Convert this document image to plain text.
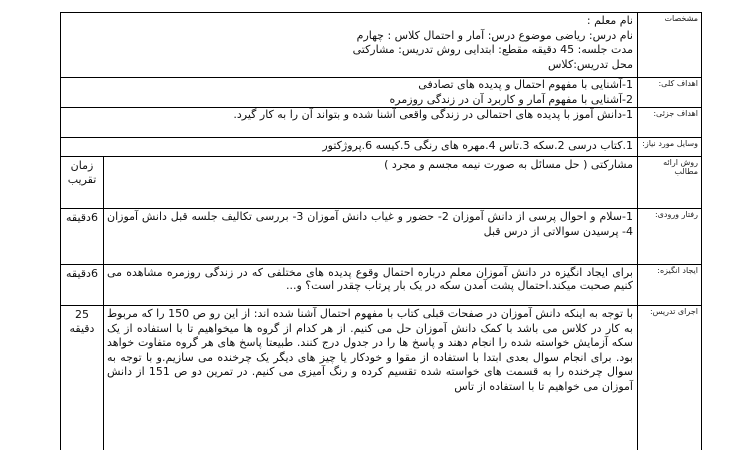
مشخصات
اهداف کلی:
اهداف جزئی:
وسایل مورد نیاز:
روش ارائه مطالب
رفتار ورودی:
ایجاد انگیزه:
اجرای تدریس:
نام معلم :
نام درس: ریاضی موضوع درس: آمار و احتمال کلاس : چهارم
مدت جلسه: 45 دقیقه مقطع: ابتدایی روش تدریس: مشارکتی
محل تدریس:کلاس
1-آشنایی با مفهوم احتمال و پدیده های تصادفی
2-آشنایی با مفهوم آمار و کاربرد آن در زندگی روزمره
1-دانش آموز با پدیده های احتمالی در زندگی واقعی آشنا شده و بتواند آن را به کار گیرد.
1.کتاب درسی 2.سکه 3.تاس 4.مهره های رنگی 5.کیسه 6.پروژکتور
زمان تقریب
مشارکتی ( حل مسائل به صورت نیمه مجسم و مجرد )
6دقیقه 1-سلام و احوال پرسی از دانش آموزان 2- حضور و غیاب دانش آموزان 3- بررسی تکالیف جلسه قبل دانش آموزان 4- پرسیدن سوالاتی از درس قبل
6دقیقه برای ایجاد انگیزه در دانش آموزان معلم درباره احتمال وقوع پدیده های مختلفی که در زندگی روزمره مشاهده می کنیم صحبت میکند.احتمال پشت آمدن سکه در یک بار پرتاب چقدر است؟ و...
25 دقیقه
با توجه به اینکه دانش آموزان در صفحات قبلی کتاب با مفهوم احتمال آشنا شده اند: از این رو ص 150 را که مربوط به کار در کلاس می باشد با کمک دانش آموزان حل می کنیم. از هر کدام از گروه ها میخواهیم تا با استفاده از یک سکه آزمایش خواسته شده را انجام دهند و پاسخ ها را در جدول درج کنند. طبیعتا پاسخ های هر گروه متفاوت خواهد بود. برای انجام سوال بعدی ابتدا با استفاده از مقوا و خودکار یا چیز های دیگر یک چرخنده می سازیم.و با توجه به سوال چرخنده را به قسمت های خواسته شده تقسیم کرده و رنگ آمیزی می کنیم. در تمرین دو ص 151 از دانش آموزان می خواهیم تا با استفاده از تاس
